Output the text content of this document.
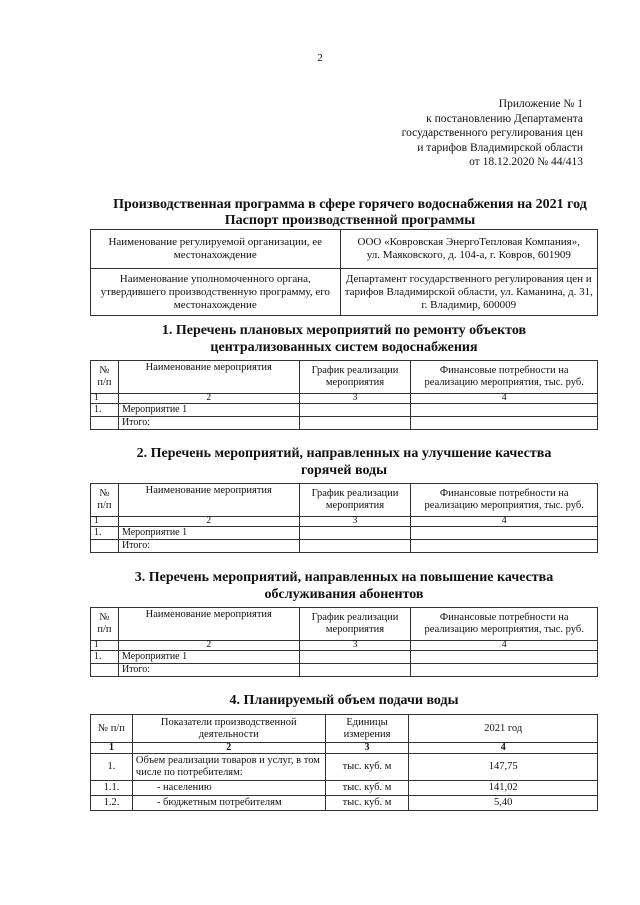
2
Приложение № 1
к постановлению Департамента
государственного регулирования цен
и тарифов Владимирской области
от 18.12.2020 № 44/413
Производственная программа в сфере горячего водоснабжения на 2021 год
Паспорт производственной программы
Наименование регулируемой организации, ее местонахождение	ООО «Ковровская ЭнергоТепловая Компания»,
ул. Маяковского, д. 104-а, г. Ковров, 601909

Наименование уполномоченного органа, утвердившего производственную программу, его местонахождение	Департамент государственного регулирования цен и тарифов Владимирской области, ул. Каманина, д. 31, г. Владимир, 600009
1. Перечень плановых мероприятий по ремонту объектов
централизованных систем водоснабжения
№ п/п	Наименование мероприятия	График реализации мероприятия	Финансовые потребности на реализацию мероприятия, тыс. руб.
1	2	3	4
1.	Мероприятие 1		
	Итого:		
2. Перечень мероприятий, направленных на улучшение качества
горячей воды
№ п/п	Наименование мероприятия	График реализации мероприятия	Финансовые потребности на реализацию мероприятия, тыс. руб.
1	2	3	4
1.	Мероприятие 1		
	Итого:		
3. Перечень мероприятий, направленных на повышение качества
обслуживания абонентов
№ п/п	Наименование мероприятия	График реализации мероприятия	Финансовые потребности на реализацию мероприятия, тыс. руб.
1	2	3	4
1.	Мероприятие 1		
	Итого:		
4. Планируемый объем подачи воды
№ п/п	Показатели производственной деятельности	Единицы измерения	2021 год
1	2	3	4
1.	Объем реализации товаров и услуг, в том числе по потребителям:	тыс. куб. м	147,75
1.1.	- населению	тыс. куб. м	141,02
1.2.	- бюджетным потребителям	тыс. куб. м	5,40
